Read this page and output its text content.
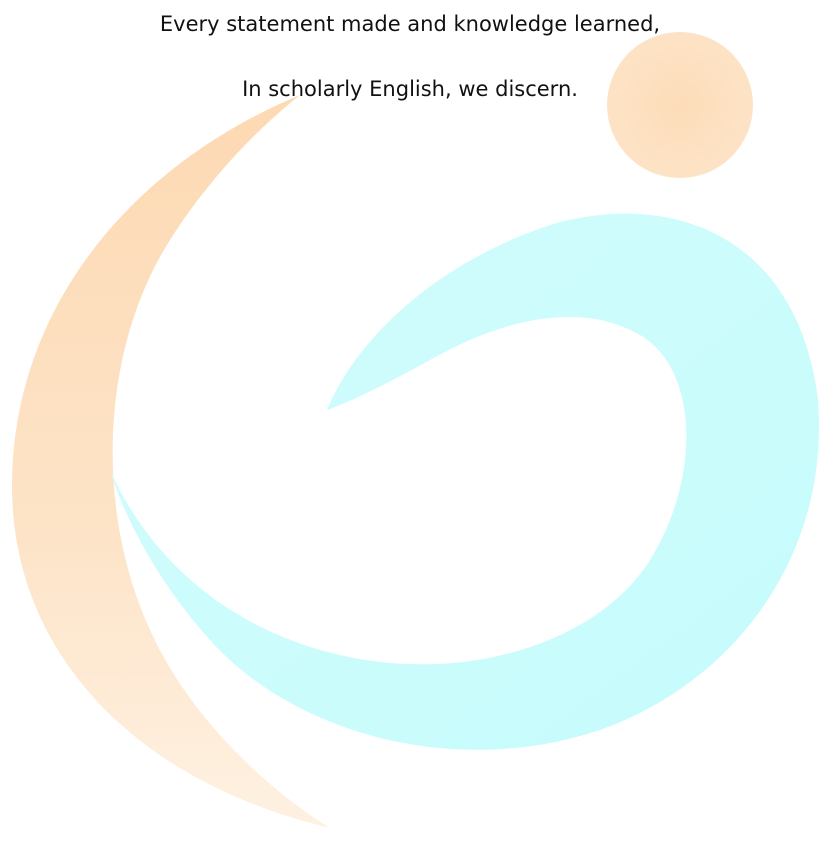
Every statement made and knowledge learned,
In scholarly English, we discern.
